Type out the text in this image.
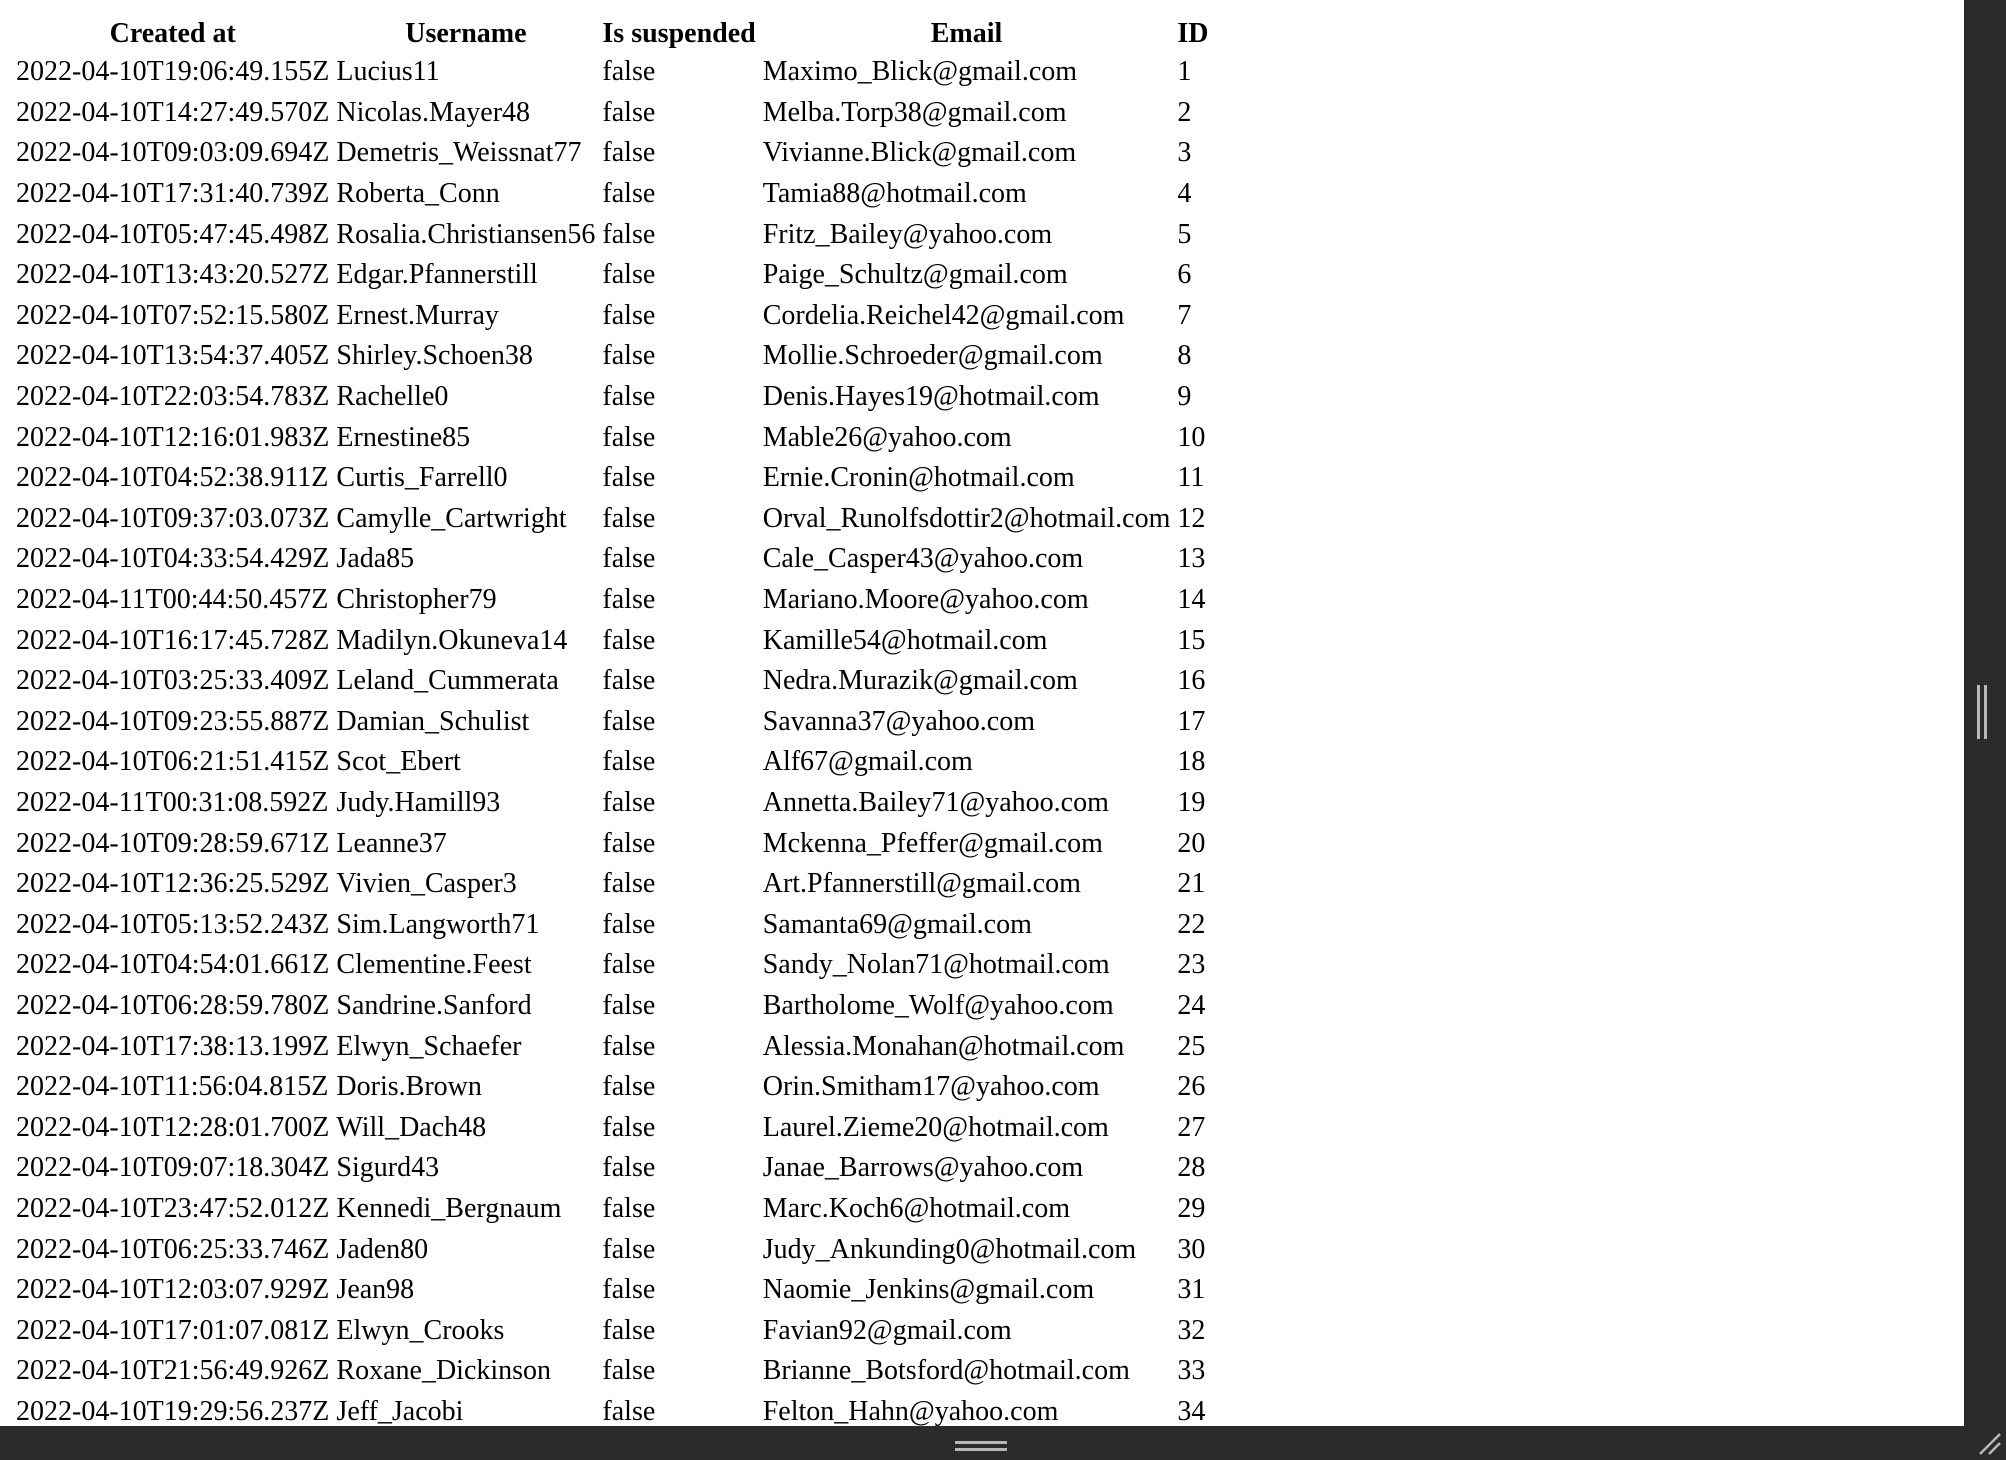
Created at	Username	Is suspended	Email	ID
2022-04-10T19:06:49.155Z	Lucius11	false	Maximo_Blick@gmail.com	1
2022-04-10T14:27:49.570Z	Nicolas.Mayer48	false	Melba.Torp38@gmail.com	2
2022-04-10T09:03:09.694Z	Demetris_Weissnat77	false	Vivianne.Blick@gmail.com	3
2022-04-10T17:31:40.739Z	Roberta_Conn	false	Tamia88@hotmail.com	4
2022-04-10T05:47:45.498Z	Rosalia.Christiansen56	false	Fritz_Bailey@yahoo.com	5
2022-04-10T13:43:20.527Z	Edgar.Pfannerstill	false	Paige_Schultz@gmail.com	6
2022-04-10T07:52:15.580Z	Ernest.Murray	false	Cordelia.Reichel42@gmail.com	7
2022-04-10T13:54:37.405Z	Shirley.Schoen38	false	Mollie.Schroeder@gmail.com	8
2022-04-10T22:03:54.783Z	Rachelle0	false	Denis.Hayes19@hotmail.com	9
2022-04-10T12:16:01.983Z	Ernestine85	false	Mable26@yahoo.com	10
2022-04-10T04:52:38.911Z	Curtis_Farrell0	false	Ernie.Cronin@hotmail.com	11
2022-04-10T09:37:03.073Z	Camylle_Cartwright	false	Orval_Runolfsdottir2@hotmail.com	12
2022-04-10T04:33:54.429Z	Jada85	false	Cale_Casper43@yahoo.com	13
2022-04-11T00:44:50.457Z	Christopher79	false	Mariano.Moore@yahoo.com	14
2022-04-10T16:17:45.728Z	Madilyn.Okuneva14	false	Kamille54@hotmail.com	15
2022-04-10T03:25:33.409Z	Leland_Cummerata	false	Nedra.Murazik@gmail.com	16
2022-04-10T09:23:55.887Z	Damian_Schulist	false	Savanna37@yahoo.com	17
2022-04-10T06:21:51.415Z	Scot_Ebert	false	Alf67@gmail.com	18
2022-04-11T00:31:08.592Z	Judy.Hamill93	false	Annetta.Bailey71@yahoo.com	19
2022-04-10T09:28:59.671Z	Leanne37	false	Mckenna_Pfeffer@gmail.com	20
2022-04-10T12:36:25.529Z	Vivien_Casper3	false	Art.Pfannerstill@gmail.com	21
2022-04-10T05:13:52.243Z	Sim.Langworth71	false	Samanta69@gmail.com	22
2022-04-10T04:54:01.661Z	Clementine.Feest	false	Sandy_Nolan71@hotmail.com	23
2022-04-10T06:28:59.780Z	Sandrine.Sanford	false	Bartholome_Wolf@yahoo.com	24
2022-04-10T17:38:13.199Z	Elwyn_Schaefer	false	Alessia.Monahan@hotmail.com	25
2022-04-10T11:56:04.815Z	Doris.Brown	false	Orin.Smitham17@yahoo.com	26
2022-04-10T12:28:01.700Z	Will_Dach48	false	Laurel.Zieme20@hotmail.com	27
2022-04-10T09:07:18.304Z	Sigurd43	false	Janae_Barrows@yahoo.com	28
2022-04-10T23:47:52.012Z	Kennedi_Bergnaum	false	Marc.Koch6@hotmail.com	29
2022-04-10T06:25:33.746Z	Jaden80	false	Judy_Ankunding0@hotmail.com	30
2022-04-10T12:03:07.929Z	Jean98	false	Naomie_Jenkins@gmail.com	31
2022-04-10T17:01:07.081Z	Elwyn_Crooks	false	Favian92@gmail.com	32
2022-04-10T21:56:49.926Z	Roxane_Dickinson	false	Brianne_Botsford@hotmail.com	33
2022-04-10T19:29:56.237Z	Jeff_Jacobi	false	Felton_Hahn@yahoo.com	34
